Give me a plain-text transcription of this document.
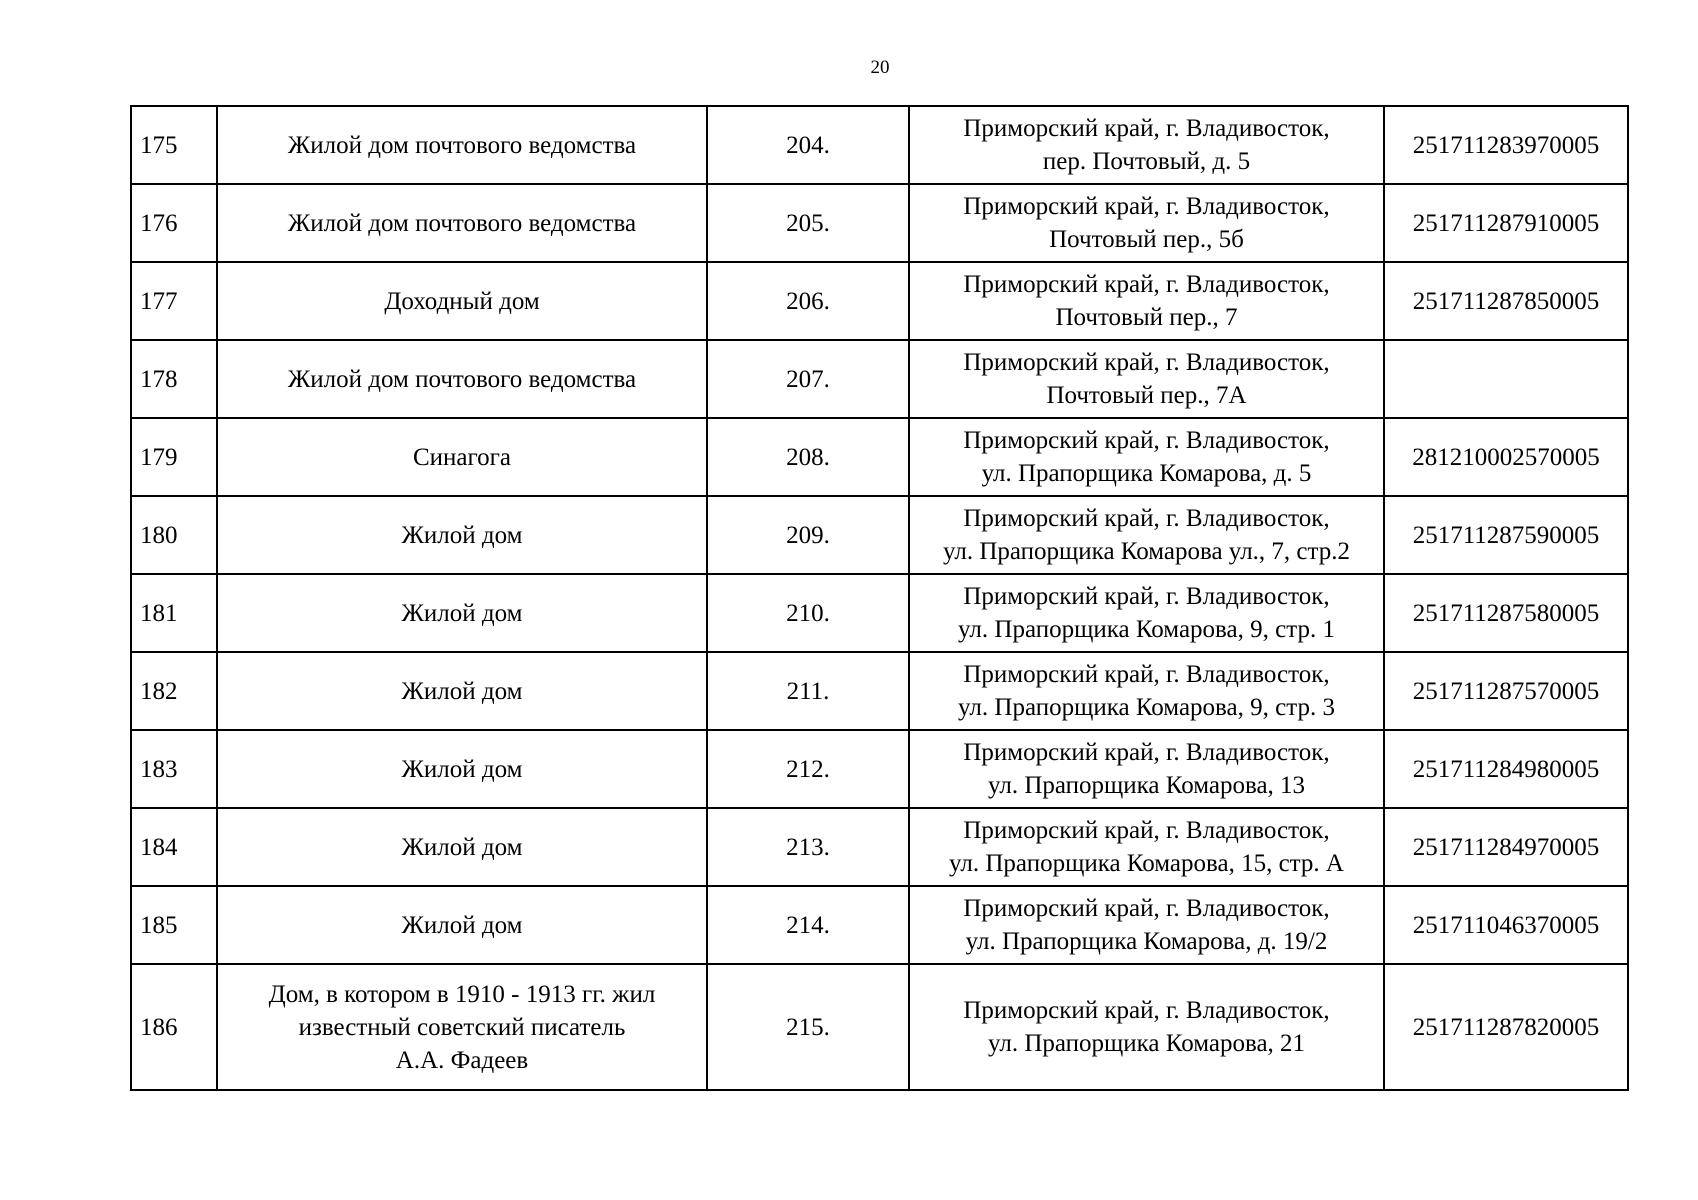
20
175	Жилой дом почтового ведомства	204.	Приморский край, г. Владивосток,
пер. Почтовый, д. 5	251711283970005
176	Жилой дом почтового ведомства	205.	Приморский край, г. Владивосток,
Почтовый пер., 5б	251711287910005
177	Доходный дом	206.	Приморский край, г. Владивосток,
Почтовый пер., 7	251711287850005
178	Жилой дом почтового ведомства	207.	Приморский край, г. Владивосток,
Почтовый пер., 7А	

179	Синагога	208.	Приморский край, г. Владивосток,
ул. Прапорщика Комарова, д. 5	281210002570005
180	Жилой дом	209.	Приморский край, г. Владивосток,
ул. Прапорщика Комарова ул., 7, стр.2	251711287590005
181	Жилой дом	210.	Приморский край, г. Владивосток,
ул. Прапорщика Комарова, 9, стр. 1	251711287580005
182	Жилой дом	211.	Приморский край, г. Владивосток,
ул. Прапорщика Комарова, 9, стр. 3	251711287570005
183	Жилой дом	212.	Приморский край, г. Владивосток,
ул. Прапорщика Комарова, 13	251711284980005
184	Жилой дом	213.	Приморский край, г. Владивосток,
ул. Прапорщика Комарова, 15, стр. А	251711284970005
185	Жилой дом	214.	Приморский край, г. Владивосток,
ул. Прапорщика Комарова, д. 19/2	251711046370005
186	Дом, в котором в 1910 - 1913 гг. жил
известный советский писатель
А.А. Фадеев	215.	Приморский край, г. Владивосток,
ул. Прапорщика Комарова, 21	251711287820005
